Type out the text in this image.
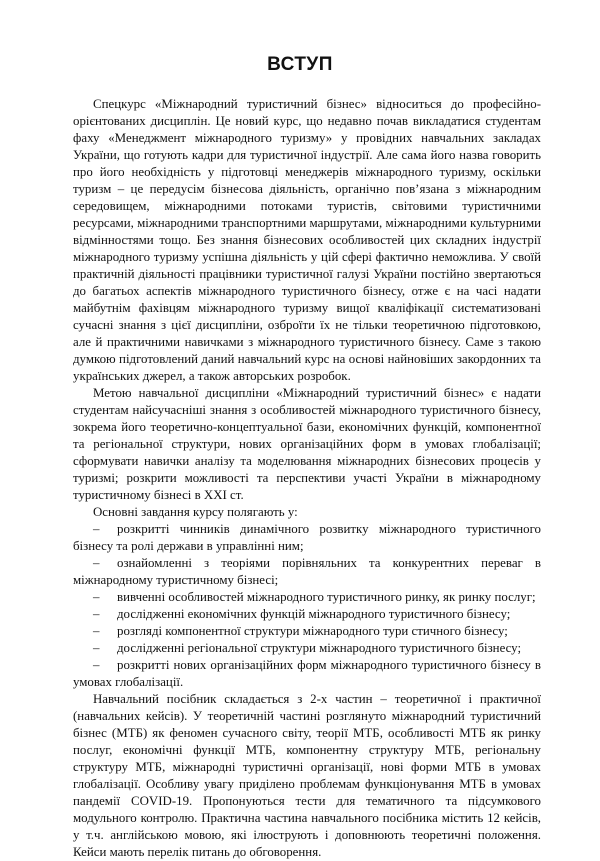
ВСТУП

Спецкурс «Міжнародний туристичний бізнес» відноситься до професійно-орієнтованих дисциплін. Це новий курс, що недавно почав викладатися студентам фаху «Менеджмент міжнародного туризму» у провідних навчальних закладах України, що готують кадри для туристичної індустрії. Але сама його назва говорить про його необхідність у підготовці менеджерів міжнародного туризму, оскільки туризм – це передусім бізнесова діяльність, органічно пов’язана з міжнародним середовищем, міжнародними потоками туристів, світовими туристичними ресурсами, міжнародними транспортними маршрутами, міжнародними культурними відмінностями тощо. Без знання бізнесових особливостей цих складних індустрії міжнародного туризму успішна діяльність у цій сфері фактично неможлива. У своїй практичній діяльності працівники туристичної галузі України постійно звертаються до багатьох аспектів міжнародного туристичного бізнесу, отже є на часі надати майбутнім фахівцям міжнародного туризму вищої кваліфікації систематизовані сучасні знання з цієї дисципліни, озброїти їх не тільки теоретичною підготовкою, але й практичними навичками з міжнародного туристичного бізнесу. Саме з такою думкою підготовлений даний навчальний курс на основі найновіших закордонних та українських джерел, а також авторських розробок.

Метою навчальної дисципліни «Міжнародний туристичний бізнес» є надати студентам найсучасніші знання з особливостей міжнародного туристичного бізнесу, зокрема його теоретично-концептуальної бази, економічних функцій, компонентної та регіональної структури, нових організаційних форм в умовах глобалізації; сформувати навички аналізу та моделювання міжнародних бізнесових процесів у туризмі; розкрити можливості та перспективи участі України в міжнародному туристичному бізнесі в ХХІ ст.

Основні завдання курсу полягають у:

– розкритті чинників динамічного розвитку міжнародного туристичного бізнесу та ролі держави в управлінні ним;
– ознайомленні з теоріями порівняльних та конкурентних переваг в міжнародному туристичному бізнесі;
– вивченні особливостей міжнародного туристичного ринку, як ринку послуг;
– дослідженні економічних функцій міжнародного туристичного бізнесу;
– розгляді компонентної структури міжнародного тури стичного бізнесу;
– дослідженні регіональної структури міжнародного туристичного бізнесу;
– розкритті нових організаційних форм міжнародного туристичного бізнесу в умовах глобалізації.

Навчальний посібник складається з 2-х частин – теоретичної і практичної (навчальних кейсів). У теоретичній частині розглянуто міжнародний туристичний бізнес (МТБ) як феномен сучасного світу, теорії МТБ, особливості МТБ як ринку послуг, економічні функції МТБ, компонентну структуру МТБ, регіональну структуру МТБ, міжнародні туристичні організації, нові форми МТБ в умовах глобалізації. Особливу увагу приділено проблемам функціонування МТБ в умовах пандемії COVID-19. Пропонуються тести для тематичного та підсумкового модульного контролю. Практична частина навчального посібника містить 12 кейсів, у т.ч. англійською мовою, які ілюструють і доповнюють теоретичні положення. Кейси мають перелік питань до обговорення.
